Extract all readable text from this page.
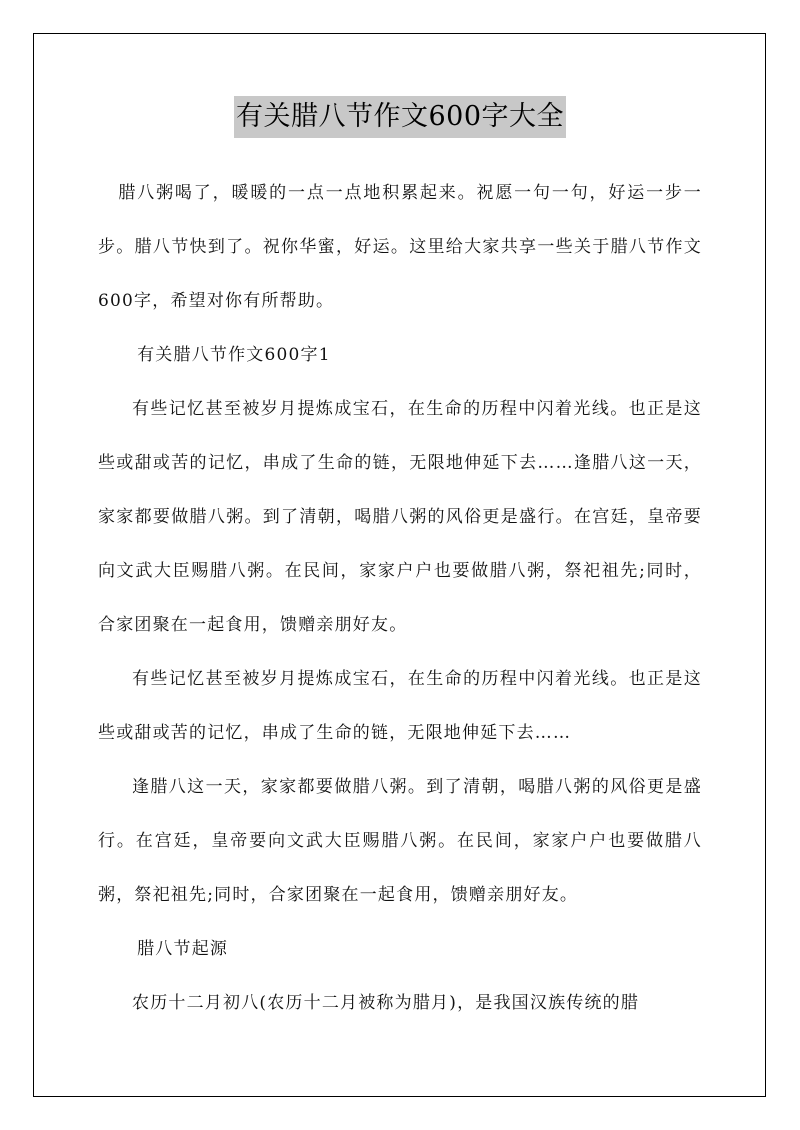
有关腊八节作文600字大全

腊八粥喝了，暖暖的一点一点地积累起来。祝愿一句一句，好运一步一步。腊八节快到了。祝你华蜜，好运。这里给大家共享一些关于腊八节作文600字，希望对你有所帮助。

有关腊八节作文600字1

有些记忆甚至被岁月提炼成宝石，在生命的历程中闪着光线。也正是这些或甜或苦的记忆，串成了生命的链，无限地伸延下去……逢腊八这一天，家家都要做腊八粥。到了清朝，喝腊八粥的风俗更是盛行。在宫廷，皇帝要向文武大臣赐腊八粥。在民间，家家户户也要做腊八粥，祭祀祖先;同时，合家团聚在一起食用，馈赠亲朋好友。

有些记忆甚至被岁月提炼成宝石，在生命的历程中闪着光线。也正是这些或甜或苦的记忆，串成了生命的链，无限地伸延下去……

逢腊八这一天，家家都要做腊八粥。到了清朝，喝腊八粥的风俗更是盛行。在宫廷，皇帝要向文武大臣赐腊八粥。在民间，家家户户也要做腊八粥，祭祀祖先;同时，合家团聚在一起食用，馈赠亲朋好友。

腊八节起源

农历十二月初八(农历十二月被称为腊月)，是我国汉族传统的腊
